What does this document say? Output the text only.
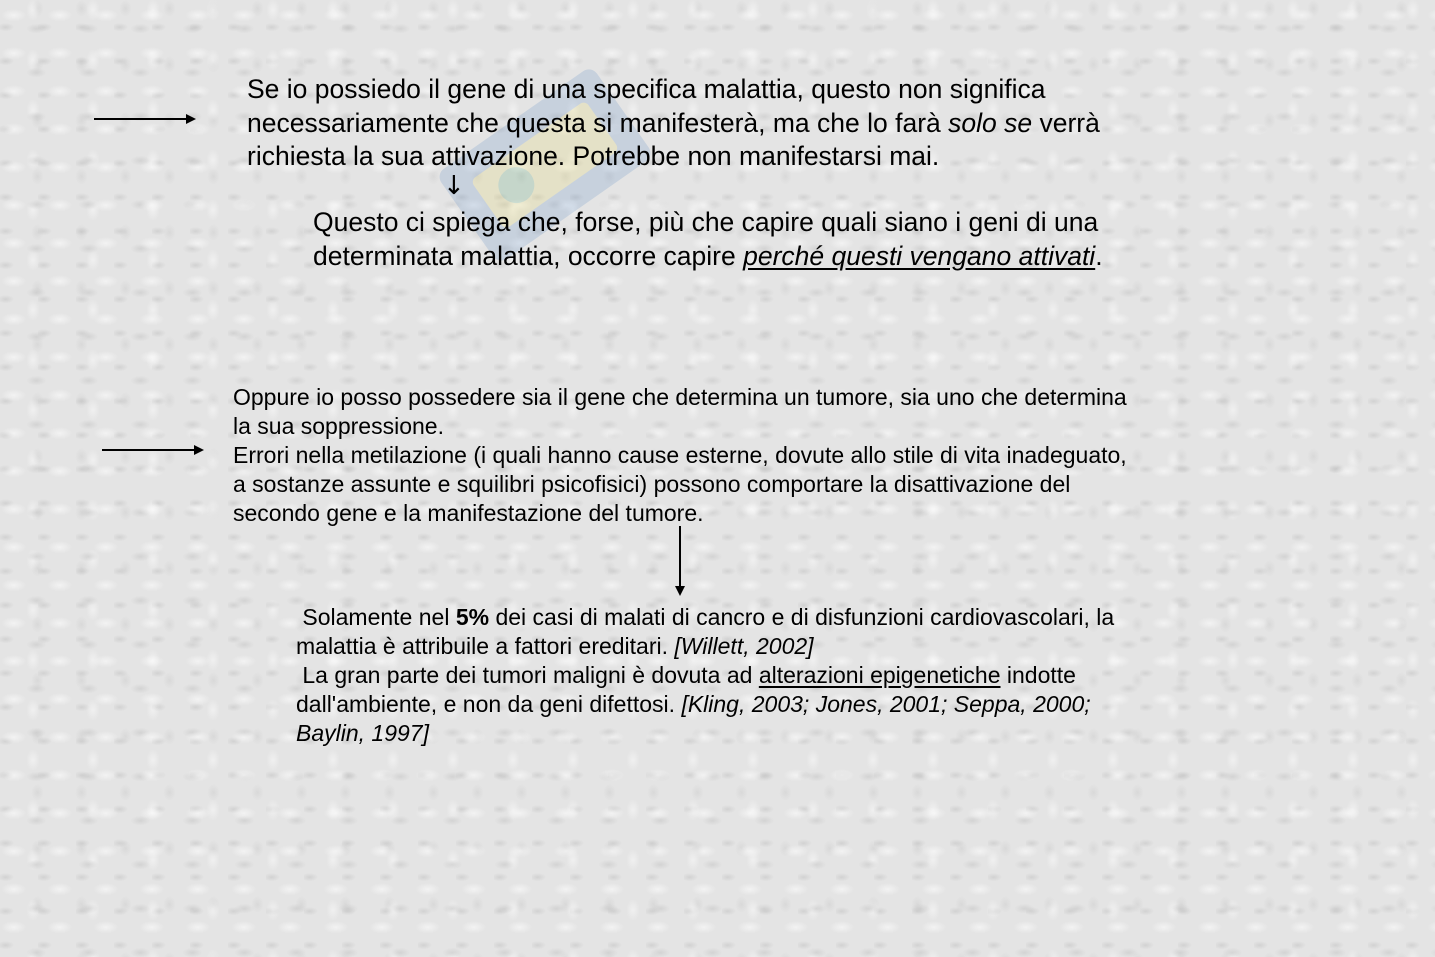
Se io possiedo il gene di una specifica malattia, questo non significa
necessariamente che questa si manifesterà, ma che lo farà solo se verrà
richiesta la sua attivazione. Potrebbe non manifestarsi mai.
↓
Questo ci spiega che, forse, più che capire quali siano i geni di una
determinata malattia, occorre capire perché questi vengano attivati.
Oppure io posso possedere sia il gene che determina un tumore, sia uno che determina
la sua soppressione.
Errori nella metilazione (i quali hanno cause esterne, dovute allo stile di vita inadeguato,
a sostanze assunte e squilibri psicofisici) possono comportare la disattivazione del
secondo gene e la manifestazione del tumore.
Solamente nel 5% dei casi di malati di cancro e di disfunzioni cardiovascolari, la
malattia è attribuile a fattori ereditari. [Willett, 2002]
La gran parte dei tumori maligni è dovuta ad alterazioni epigenetiche indotte
dall'ambiente, e non da geni difettosi. [Kling, 2003; Jones, 2001; Seppa, 2000;
Baylin, 1997]
